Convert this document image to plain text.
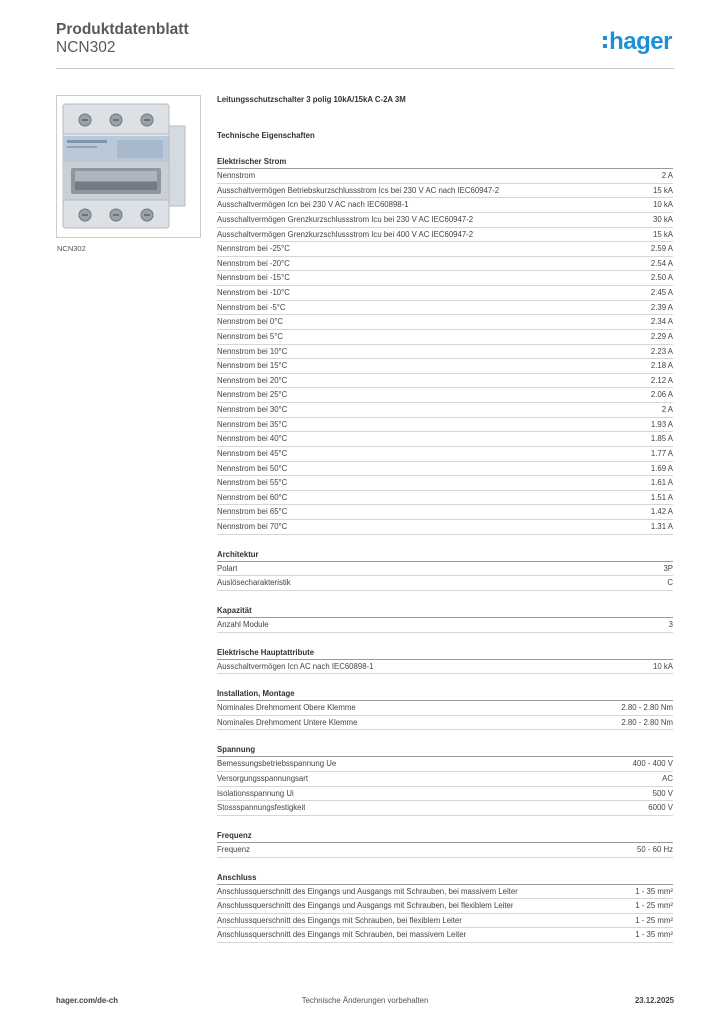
Produktdatenblatt
NCN302	hager
NCN302
Leitungsschutzschalter 3 polig 10kA/15kA C-2A 3M
Technische Eigenschaften
Elektrischer Strom
Nennstrom	2 A
Ausschaltvermögen Betriebskurzschlussstrom Ics bei 230 V AC nach IEC60947-2	15 kA
Ausschaltvermögen Icn bei 230 V AC nach IEC60898-1	10 kA
Ausschaltvermögen Grenzkurzschlussstrom Icu bei 230 V AC IEC60947-2	30 kA
Ausschaltvermögen Grenzkurzschlussstrom Icu bei 400 V AC IEC60947-2	15 kA
Nennstrom bei -25°C	2.59 A
Nennstrom bei -20°C	2.54 A
Nennstrom bei -15°C	2.50 A
Nennstrom bei -10°C	2.45 A
Nennstrom bei -5°C	2.39 A
Nennstrom bei 0°C	2.34 A
Nennstrom bei 5°C	2.29 A
Nennstrom bei 10°C	2.23 A
Nennstrom bei 15°C	2.18 A
Nennstrom bei 20°C	2.12 A
Nennstrom bei 25°C	2.06 A
Nennstrom bei 30°C	2 A
Nennstrom bei 35°C	1.93 A
Nennstrom bei 40°C	1.85 A
Nennstrom bei 45°C	1.77 A
Nennstrom bei 50°C	1.69 A
Nennstrom bei 55°C	1.61 A
Nennstrom bei 60°C	1.51 A
Nennstrom bei 65°C	1.42 A
Nennstrom bei 70°C	1.31 A
Architektur
Polart	3P
Auslösecharakteristik	C
Kapazität
Anzahl Module	3
Elektrische Hauptattribute
Ausschaltvermögen Icn AC nach IEC60898-1	10 kA
Installation, Montage
Nominales Drehmoment Obere Klemme	2.80 - 2.80 Nm
Nominales Drehmoment Untere Klemme	2.80 - 2.80 Nm
Spannung
Bemessungsbetriebsspannung Ue	400 - 400 V
Versorgungsspannungsart	AC
Isolationsspannung Ui	500 V
Stossspannungsfestigkeit	6000 V
Frequenz
Frequenz	50 - 60 Hz
Anschluss
Anschlussquerschnitt des Eingangs und Ausgangs mit Schrauben, bei massivem Leiter	1 - 35 mm²
Anschlussquerschnitt des Eingangs und Ausgangs mit Schrauben, bei flexiblem Leiter	1 - 25 mm²
Anschlussquerschnitt des Eingangs mit Schrauben, bei flexiblem Leiter	1 - 25 mm²
Anschlussquerschnitt des Eingangs mit Schrauben, bei massivem Leiter	1 - 35 mm²
hager.com/de-ch	Technische Änderungen vorbehalten	23.12.2025
